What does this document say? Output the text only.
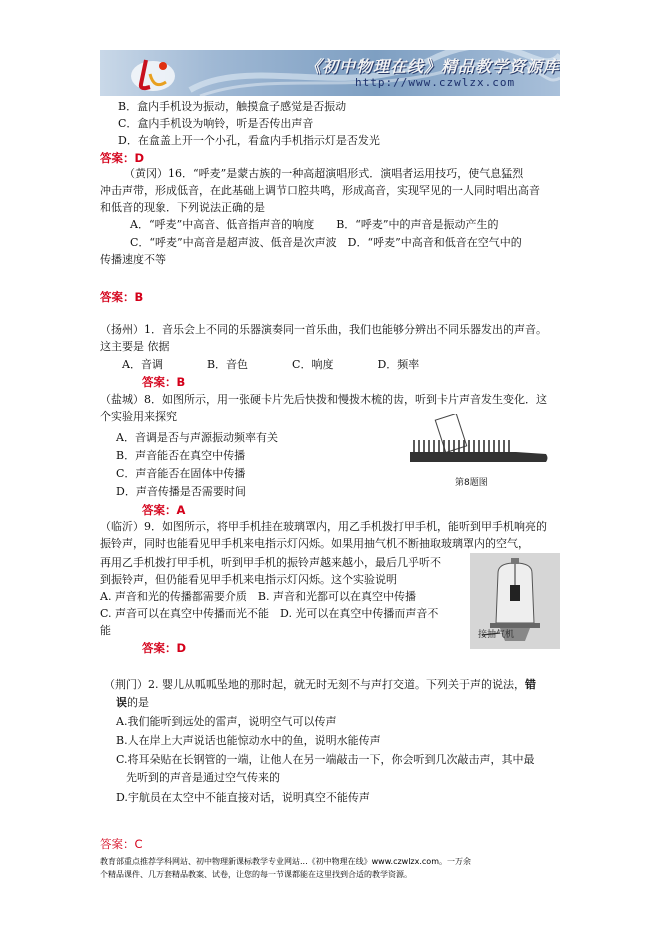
《初中物理在线》精品教学资源库
http://www.czwlzx.com
B．盒内手机设为振动，触摸盒子感觉是否振动
C．盒内手机设为响铃，听是否传出声音
D．在盒盖上开一个小孔，看盒内手机指示灯是否发光
答案：D
（黄冈）16．“呼麦”是蒙古族的一种高超演唱形式．演唱者运用技巧，使气息猛烈
冲击声带，形成低音，在此基础上调节口腔共鸣，形成高音，实现罕见的一人同时唱出高音
和低音的现象．下列说法正确的是
A．“呼麦”中高音、低音指声音的响度　　B．“呼麦”中的声音是振动产生的
C．“呼麦”中高音是超声波、低音是次声波　D．“呼麦”中高音和低音在空气中的
传播速度不等
答案：B
（扬州）1．音乐会上不同的乐器演奏同一首乐曲，我们也能够分辨出不同乐器发出的声音。
这主要是 依据
A．音调　　　　B．音色　　　　C．响度　　　　D．频率
答案：B
（盐城）8．如图所示，用一张硬卡片先后快拨和慢拨木梳的齿，听到卡片声音发生变化．这
个实验用来探究
A．音调是否与声源振动频率有关
B．声音能否在真空中传播
C．声音能否在固体中传播
D．声音传播是否需要时间
第8题图
答案：A
（临沂）9．如图所示，将甲手机挂在玻璃罩内，用乙手机拨打甲手机，能听到甲手机响亮的
振铃声，同时也能看见甲手机来电指示灯闪烁。如果用抽气机不断抽取玻璃罩内的空气，
再用乙手机拨打甲手机，听到甲手机的振铃声越来越小，最后几乎听不
到振铃声，但仍能看见甲手机来电指示灯闪烁。这个实验说明
A. 声音和光的传播都需要介质　B. 声音和光都可以在真空中传播
C. 声音可以在真空中传播而光不能　D. 光可以在真空中传播而声音不
能	接抽气机
答案：D
（荆门）2. 婴儿从呱呱坠地的那时起，就无时无刻不与声打交道。下列关于声的说法，错
误的是
A.我们能听到远处的雷声，说明空气可以传声
B.人在岸上大声说话也能惊动水中的鱼，说明水能传声
C.将耳朵贴在长钢管的一端，让他人在另一端敲击一下，你会听到几次敲击声，其中最
先听到的声音是通过空气传来的
D.宇航员在太空中不能直接对话，说明真空不能传声
答案：C
教育部重点推荐学科网站、初中物理新课标教学专业网站...《初中物理在线》www.czwlzx.com。一万余
个精品课件、几万套精品教案、试卷，让您的每一节课都能在这里找到合适的教学资源。
